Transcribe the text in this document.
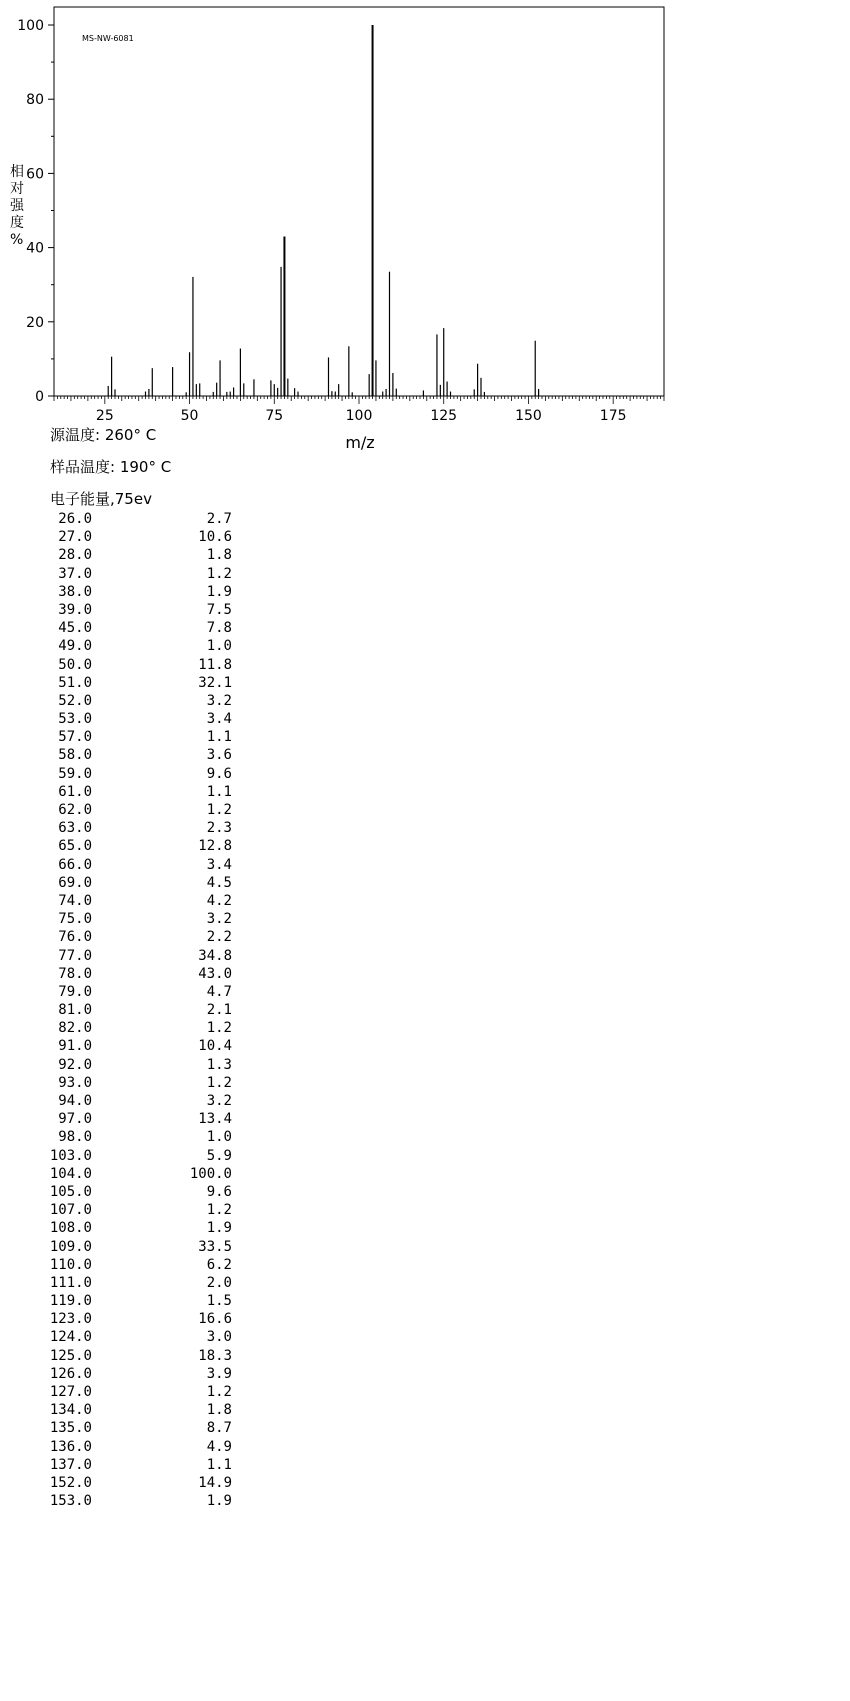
0
20
40
60
80
100
25	50	75	100	125	150	175
MS-NW-6081
m/z
相对强度%
源温度: 260° C
样品温度: 190° C
电子能量,75ev
26.0	2.7
27.0	10.6
28.0	1.8
37.0	1.2
38.0	1.9
39.0	7.5
45.0	7.8
49.0	1.0
50.0	11.8
51.0	32.1
52.0	3.2
53.0	3.4
57.0	1.1
58.0	3.6
59.0	9.6
61.0	1.1
62.0	1.2
63.0	2.3
65.0	12.8
66.0	3.4
69.0	4.5
74.0	4.2
75.0	3.2
76.0	2.2
77.0	34.8
78.0	43.0
79.0	4.7
81.0	2.1
82.0	1.2
91.0	10.4
92.0	1.3
93.0	1.2
94.0	3.2
97.0	13.4
98.0	1.0
103.0	5.9
104.0	100.0
105.0	9.6
107.0	1.2
108.0	1.9
109.0	33.5
110.0	6.2
111.0	2.0
119.0	1.5
123.0	16.6
124.0	3.0
125.0	18.3
126.0	3.9
127.0	1.2
134.0	1.8
135.0	8.7
136.0	4.9
137.0	1.1
152.0	14.9
153.0	1.9
